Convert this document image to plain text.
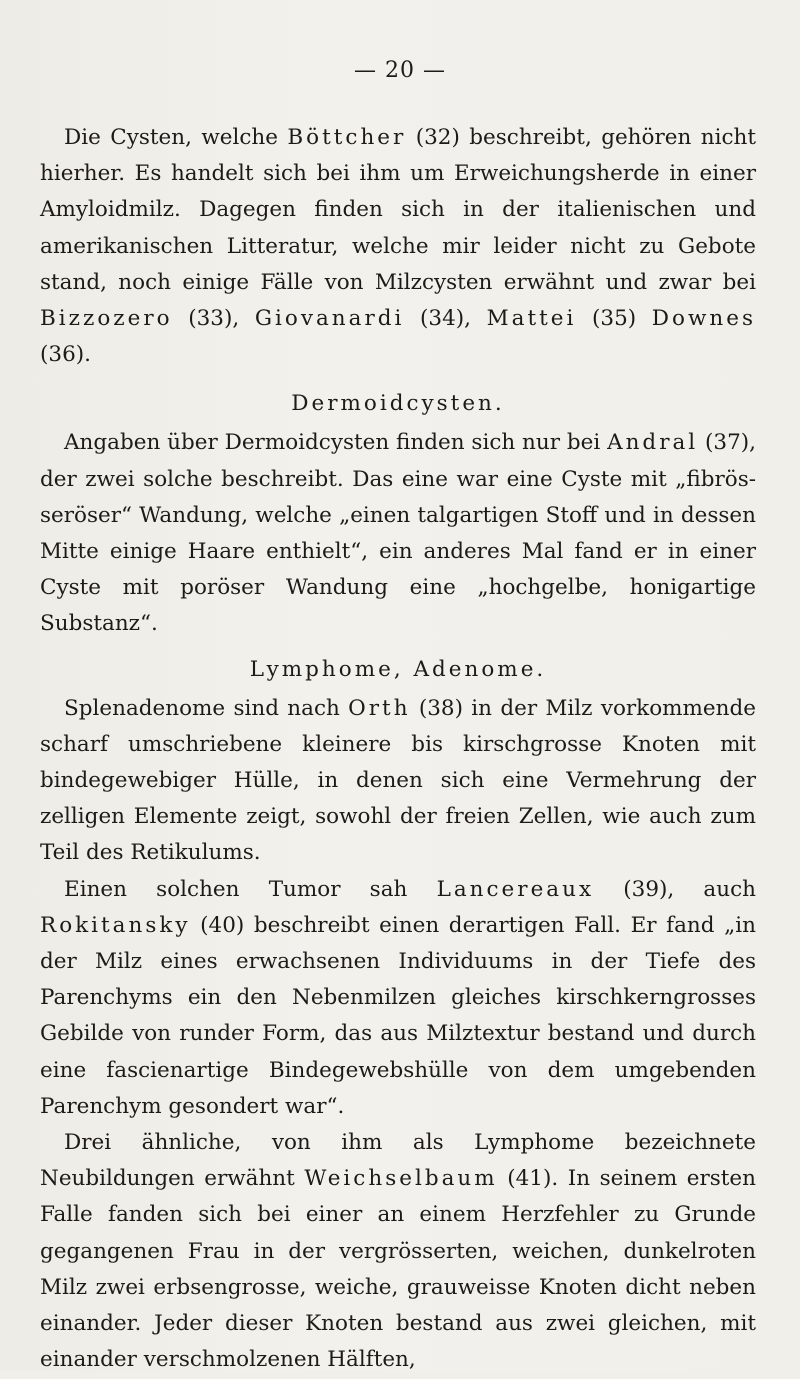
— 20 —

Die Cysten, welche Böttcher (32) beschreibt, gehören nicht hierher. Es handelt sich bei ihm um Erweichungsherde in einer Amyloidmilz. Dagegen finden sich in der italienischen und amerikanischen Litteratur, welche mir leider nicht zu Gebote stand, noch einige Fälle von Milzcysten erwähnt und zwar bei Bizzozero (33), Giovanardi (34), Mattei (35) Downes (36).

Dermoidcysten.

Angaben über Dermoidcysten finden sich nur bei Andral (37), der zwei solche beschreibt. Das eine war eine Cyste mit „fibrös-seröser“ Wandung, welche „einen talgartigen Stoff und in dessen Mitte einige Haare enthielt“, ein anderes Mal fand er in einer Cyste mit poröser Wandung eine „hochgelbe, honigartige Substanz“.

Lymphome, Adenome.

Splenadenome sind nach Orth (38) in der Milz vorkommende scharf umschriebene kleinere bis kirschgrosse Knoten mit bindegewebiger Hülle, in denen sich eine Vermehrung der zelligen Elemente zeigt, sowohl der freien Zellen, wie auch zum Teil des Retikulums.

Einen solchen Tumor sah Lancereaux (39), auch Rokitansky (40) beschreibt einen derartigen Fall. Er fand „in der Milz eines erwachsenen Individuums in der Tiefe des Parenchyms ein den Nebenmilzen gleiches kirschkerngrosses Gebilde von runder Form, das aus Milztextur bestand und durch eine fascienartige Bindegewebshülle von dem umgebenden Parenchym gesondert war“.

Drei ähnliche, von ihm als Lymphome bezeichnete Neubildungen erwähnt Weichselbaum (41). In seinem ersten Falle fanden sich bei einer an einem Herzfehler zu Grunde gegangenen Frau in der vergrösserten, weichen, dunkelroten Milz zwei erbsengrosse, weiche, grauweisse Knoten dicht neben einander. Jeder dieser Knoten bestand aus zwei gleichen, mit einander verschmolzenen Hälften,
